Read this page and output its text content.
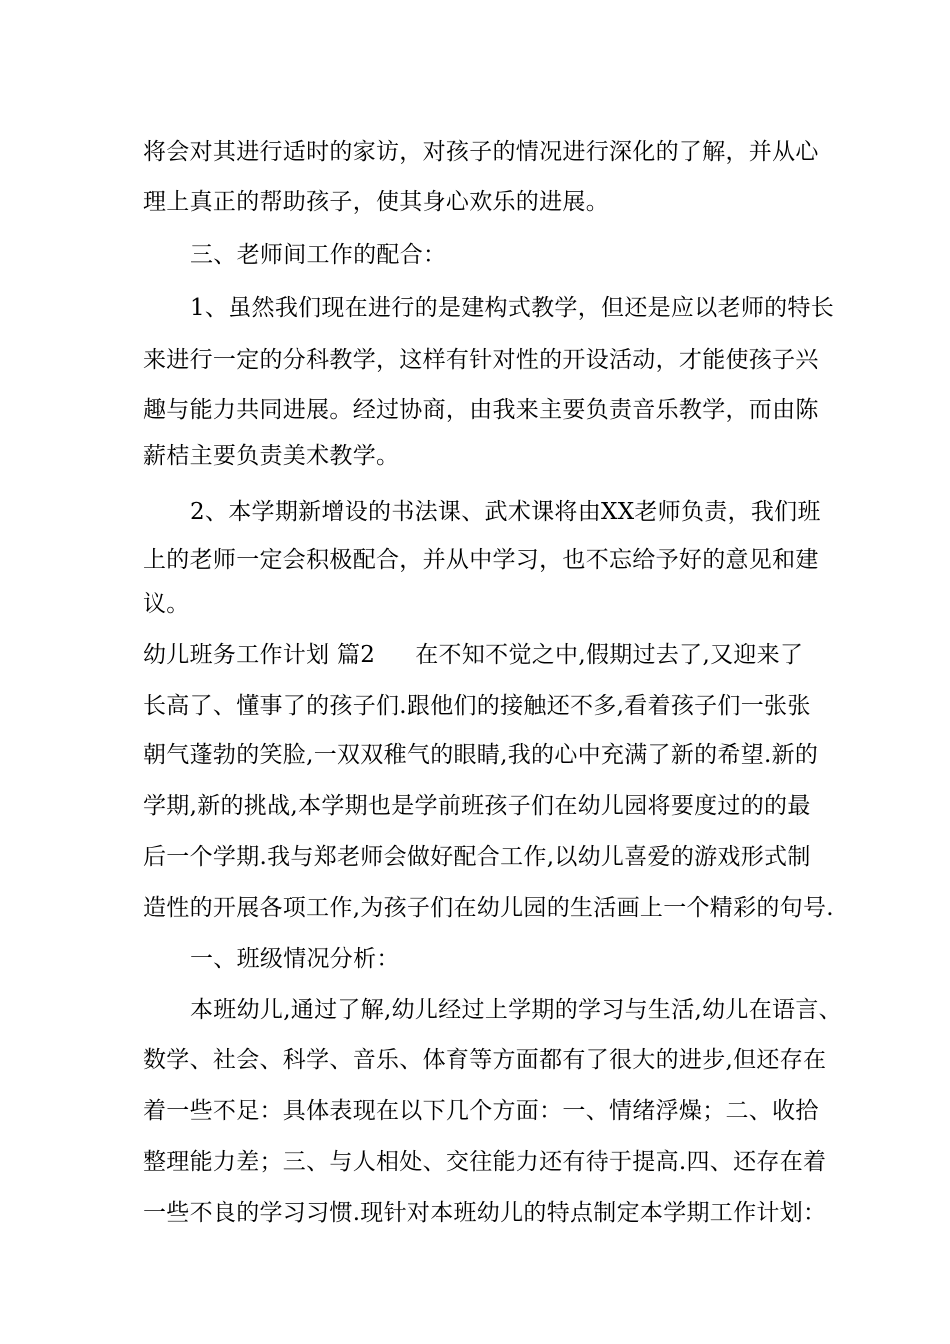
将会对其进行适时的家访，对孩子的情况进行深化的了解，并从心
理上真正的帮助孩子，使其身心欢乐的进展。
三、老师间工作的配合：
1、虽然我们现在进行的是建构式教学，但还是应以老师的特长
来进行一定的分科教学，这样有针对性的开设活动，才能使孩子兴
趣与能力共同进展。经过协商，由我来主要负责音乐教学，而由陈
薪桔主要负责美术教学。
2、本学期新增设的书法课、武术课将由XX老师负责，我们班
上的老师一定会积极配合，并从中学习，也不忘给予好的意见和建
议。
幼儿班务工作计划 篇2 在不知不觉之中,假期过去了,又迎来了
长高了、懂事了的孩子们.跟他们的接触还不多,看着孩子们一张张
朝气蓬勃的笑脸,一双双稚气的眼睛,我的心中充满了新的希望.新的
学期,新的挑战,本学期也是学前班孩子们在幼儿园将要度过的的最
后一个学期.我与郑老师会做好配合工作,以幼儿喜爱的游戏形式制
造性的开展各项工作,为孩子们在幼儿园的生活画上一个精彩的句号.
一、班级情况分析：
本班幼儿,通过了解,幼儿经过上学期的学习与生活,幼儿在语言、
数学、社会、科学、音乐、体育等方面都有了很大的进步,但还存在
着一些不足：具体表现在以下几个方面：一、情绪浮燥；二、收拾
整理能力差；三、与人相处、交往能力还有待于提高.四、还存在着
一些不良的学习习惯.现针对本班幼儿的特点制定本学期工作计划：
